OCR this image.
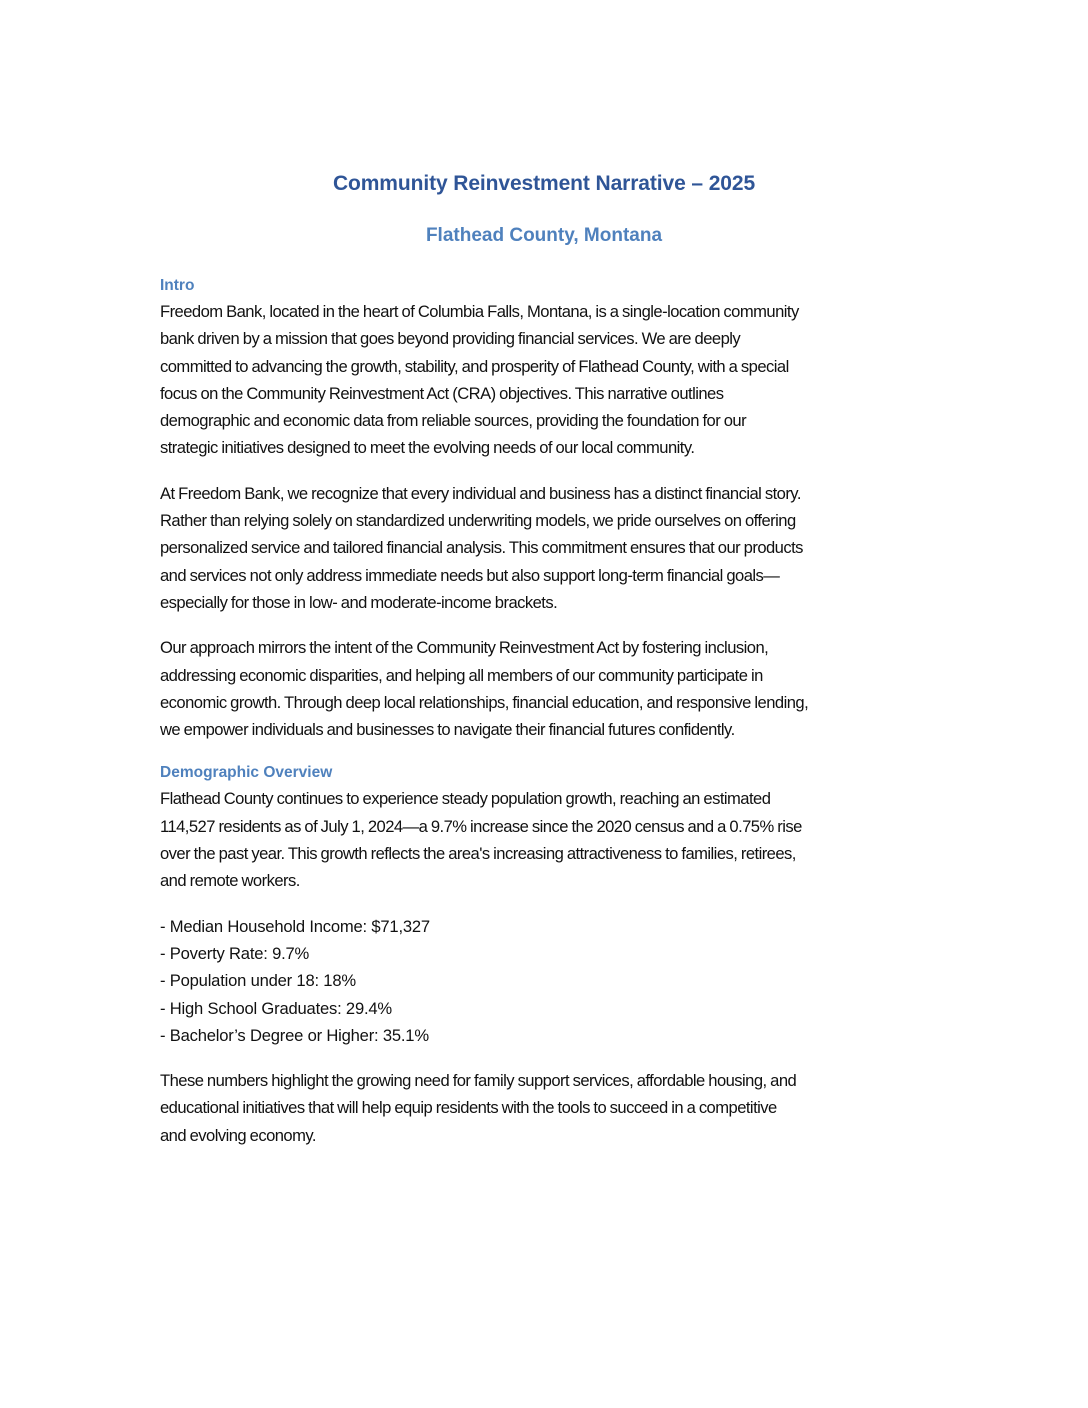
Community Reinvestment Narrative – 2025
Flathead County, Montana
Intro

Freedom Bank, located in the heart of Columbia Falls, Montana, is a single-location community
bank driven by a mission that goes beyond providing financial services. We are deeply
committed to advancing the growth, stability, and prosperity of Flathead County, with a special
focus on the Community Reinvestment Act (CRA) objectives. This narrative outlines
demographic and economic data from reliable sources, providing the foundation for our
strategic initiatives designed to meet the evolving needs of our local community.

At Freedom Bank, we recognize that every individual and business has a distinct financial story.
Rather than relying solely on standardized underwriting models, we pride ourselves on offering
personalized service and tailored financial analysis. This commitment ensures that our products
and services not only address immediate needs but also support long-term financial goals—
especially for those in low- and moderate-income brackets.

Our approach mirrors the intent of the Community Reinvestment Act by fostering inclusion,
addressing economic disparities, and helping all members of our community participate in
economic growth. Through deep local relationships, financial education, and responsive lending,
we empower individuals and businesses to navigate their financial futures confidently.

Demographic Overview

Flathead County continues to experience steady population growth, reaching an estimated
114,527 residents as of July 1, 2024—a 9.7% increase since the 2020 census and a 0.75% rise
over the past year. This growth reflects the area's increasing attractiveness to families, retirees,
and remote workers.

- Median Household Income: $71,327
- Poverty Rate: 9.7%
- Population under 18: 18%
- High School Graduates: 29.4%
- Bachelor’s Degree or Higher: 35.1%

These numbers highlight the growing need for family support services, affordable housing, and
educational initiatives that will help equip residents with the tools to succeed in a competitive
and evolving economy.
